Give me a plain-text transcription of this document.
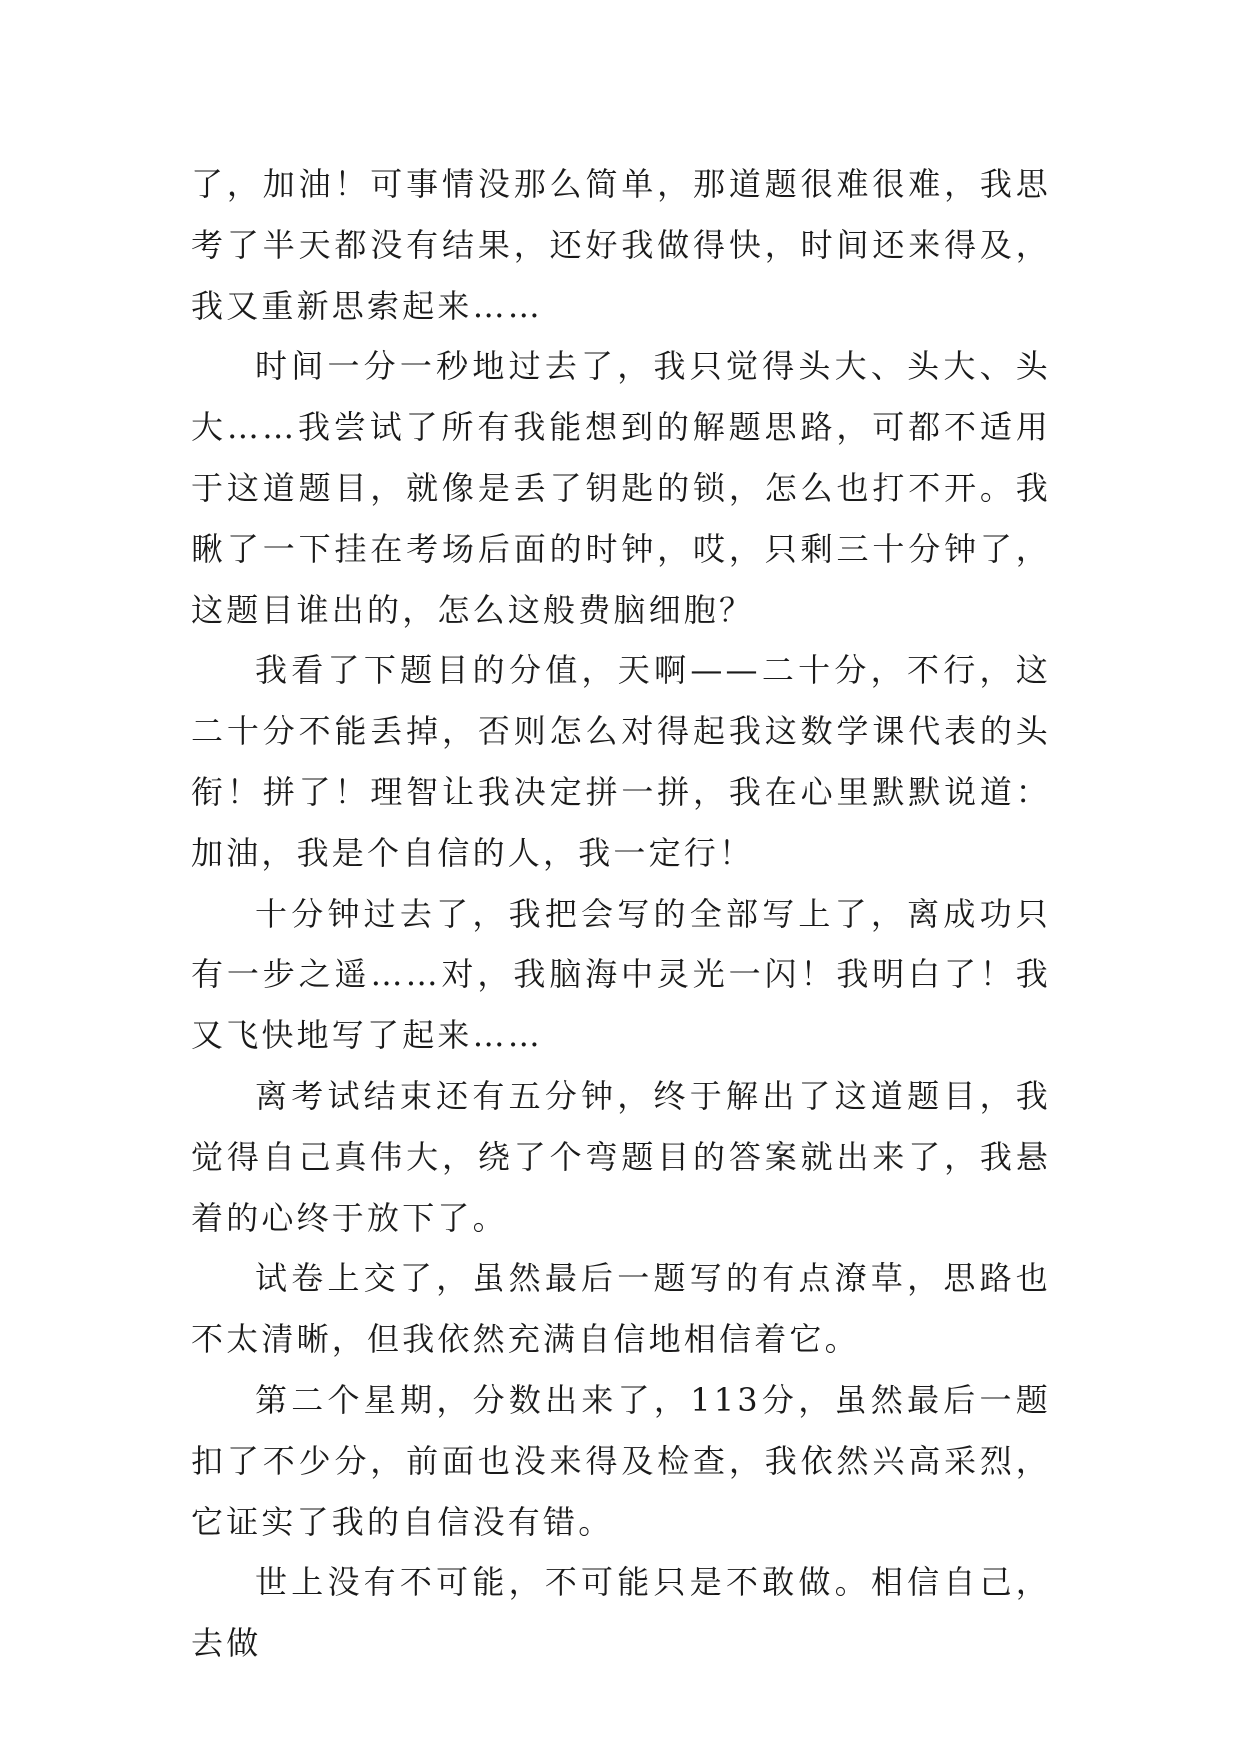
了，加油！可事情没那么简单，那道题很难很难，我思考了半天都没有结果，还好我做得快，时间还来得及，我又重新思索起来……

时间一分一秒地过去了，我只觉得头大、头大、头大……我尝试了所有我能想到的解题思路，可都不适用于这道题目，就像是丢了钥匙的锁，怎么也打不开。我瞅了一下挂在考场后面的时钟，哎，只剩三十分钟了，这题目谁出的，怎么这般费脑细胞？

我看了下题目的分值，天啊——二十分，不行，这二十分不能丢掉，否则怎么对得起我这数学课代表的头衔！拼了！理智让我决定拼一拼，我在心里默默说道：加油，我是个自信的人，我一定行！

十分钟过去了，我把会写的全部写上了，离成功只有一步之遥……对，我脑海中灵光一闪！我明白了！我又飞快地写了起来……

离考试结束还有五分钟，终于解出了这道题目，我觉得自己真伟大，绕了个弯题目的答案就出来了，我悬着的心终于放下了。

试卷上交了，虽然最后一题写的有点潦草，思路也不太清晰，但我依然充满自信地相信着它。

第二个星期，分数出来了，113分，虽然最后一题扣了不少分，前面也没来得及检查，我依然兴高采烈，它证实了我的自信没有错。

世上没有不可能，不可能只是不敢做。相信自己，去做
